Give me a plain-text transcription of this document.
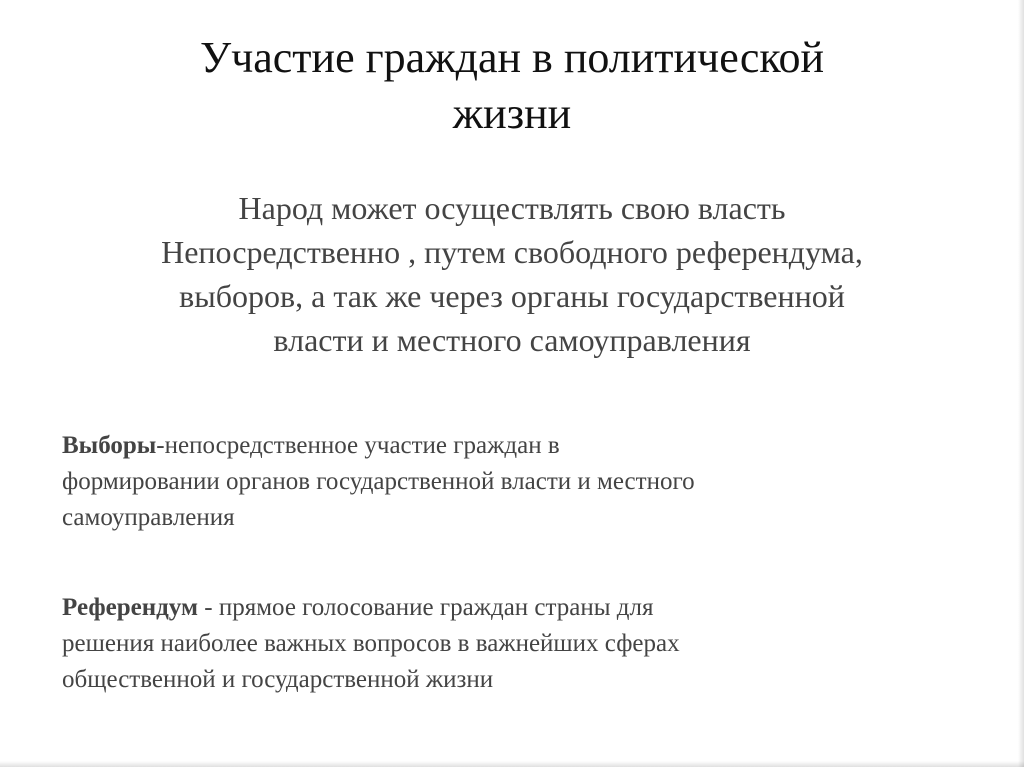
Участие граждан в политической
жизни
Народ может осуществлять свою власть
Непосредственно , путем свободного референдума,
выборов, а так же через органы государственной
власти и местного самоуправления
Выборы-непосредственное участие граждан в
формировании органов государственной власти и местного
самоуправления
Референдум - прямое голосование граждан страны для
решения наиболее важных вопросов в важнейших сферах
общественной и государственной жизни
